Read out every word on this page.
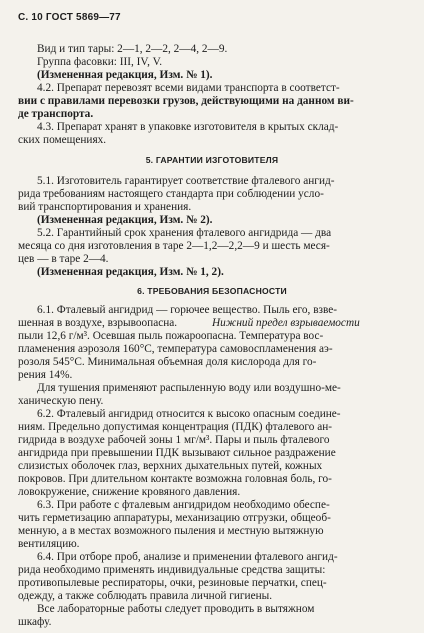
С. 10 ГОСТ 5869—77
Вид и тип тары: 2—1, 2—2, 2—4, 2—9.
Группа фасовки: III, IV, V.
(Измененная редакция, Изм. № 1).
4.2. Препарат перевозят всеми видами транспорта в соответст-
вии с правилами перевозки грузов, действующими на данном ви-
де транспорта.
4.3. Препарат хранят в упаковке изготовителя в крытых склад-
ских помещениях.
5. ГАРАНТИИ ИЗГОТОВИТЕЛЯ
5.1. Изготовитель гарантирует соответствие фталевого ангид-
рида требованиям настоящего стандарта при соблюдении усло-
вий транспортирования и хранения.
(Измененная редакция, Изм. № 2).
5.2. Гарантийный срок хранения фталевого ангидрида — два
месяца со дня изготовления в таре 2—1,2—2,2—9 и шесть меся-
цев — в таре 2—4.
(Измененная редакция, Изм. № 1, 2).
6. ТРЕБОВАНИЯ БЕЗОПАСНОСТИ
6.1. Фталевый ангидрид — горючее вещество. Пыль его, взве-
шенная в воздухе, взрывоопасна.	Нижний предел взрываемости
пыли 12,6 г/м³. Осевшая пыль пожароопасна. Температура вос-
пламенения аэрозоля 160°С, температура самовоспламенения аэ-
розоля 545°С. Минимальная объемная доля кислорода для го-
рения 14%.
Для тушения применяют распыленную воду или воздушно-ме-
ханическую пену.
6.2. Фталевый ангидрид относится к высоко опасным соедине-
ниям. Предельно допустимая концентрация (ПДК) фталевого ан-
гидрида в воздухе рабочей зоны 1 мг/м³. Пары и пыль фталевого
ангидрида при превышении ПДК вызывают сильное раздражение
слизистых оболочек глаз, верхних дыхательных путей, кожных
покровов. При длительном контакте возможна головная боль, го-
ловокружение, снижение кровяного давления.
6.3. При работе с фталевым ангидридом необходимо обеспе-
чить герметизацию аппаратуры, механизацию отгрузки, общеоб-
менную, а в местах возможного пыления и местную вытяжную
вентиляцию.
6.4. При отборе проб, анализе и применении фталевого ангид-
рида необходимо применять индивидуальные средства защиты:
противопылевые респираторы, очки, резиновые перчатки, спец-
одежду, а также соблюдать правила личной гигиены.
Все лабораторные работы следует проводить в вытяжном
шкафу.
